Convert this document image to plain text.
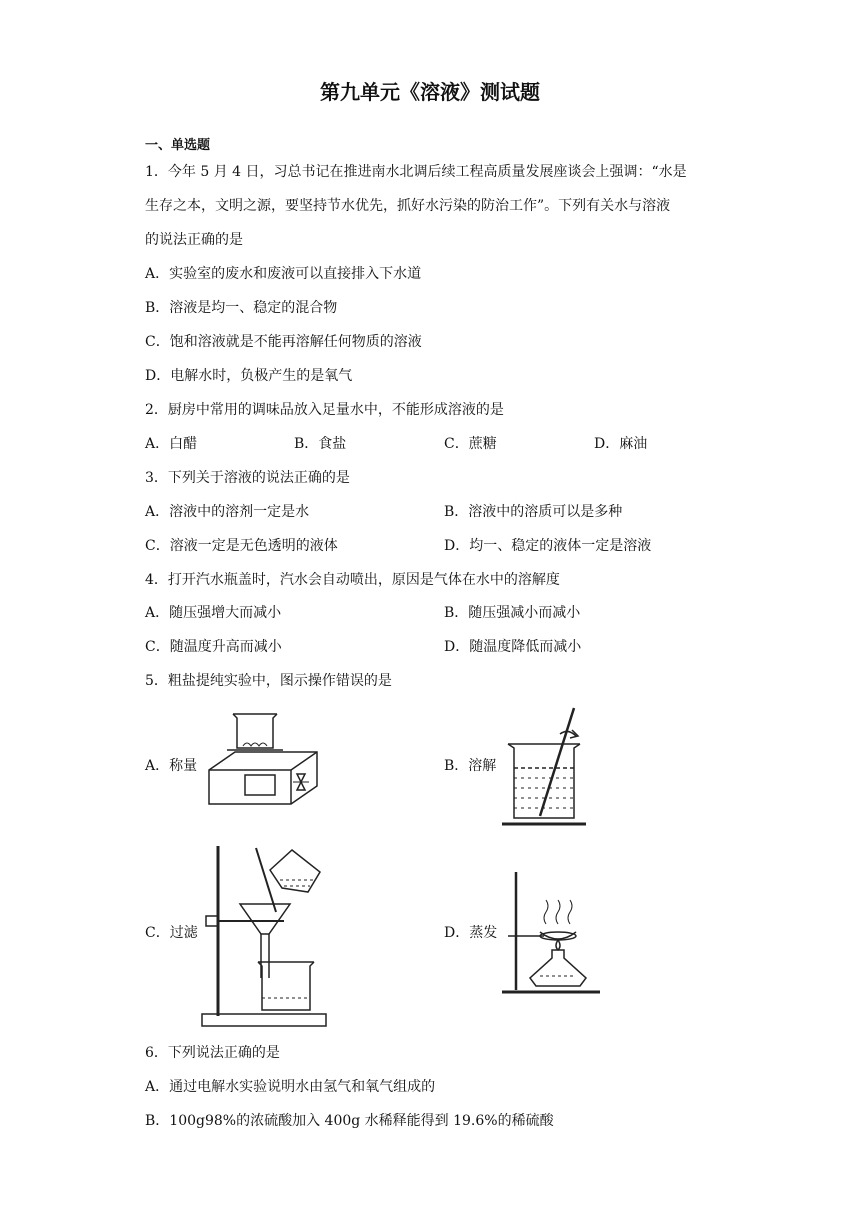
第九单元《溶液》测试题
一、单选题
1．今年 5 月 4 日，习总书记在推进南水北调后续工程高质量发展座谈会上强调：“水是
生存之本，文明之源，要坚持节水优先，抓好水污染的防治工作”。下列有关水与溶液
的说法正确的是
A．实验室的废水和废液可以直接排入下水道
B．溶液是均一、稳定的混合物
C．饱和溶液就是不能再溶解任何物质的溶液
D．电解水时，负极产生的是氧气
2．厨房中常用的调味品放入足量水中，不能形成溶液的是
A．白醋	B．食盐	C．蔗糖	D．麻油
3．下列关于溶液的说法正确的是
A．溶液中的溶剂一定是水	B．溶液中的溶质可以是多种
C．溶液一定是无色透明的液体	D．均一、稳定的液体一定是溶液
4．打开汽水瓶盖时，汽水会自动喷出，原因是气体在水中的溶解度
A．随压强增大而减小	B．随压强减小而减小
C．随温度升高而减小	D．随温度降低而减小
5．粗盐提纯实验中，图示操作错误的是
A．称量	B．溶解
C．过滤	D．蒸发
6．下列说法正确的是
A．通过电解水实验说明水由氢气和氧气组成的
B．100g98%的浓硫酸加入 400g 水稀释能得到 19.6%的稀硫酸
